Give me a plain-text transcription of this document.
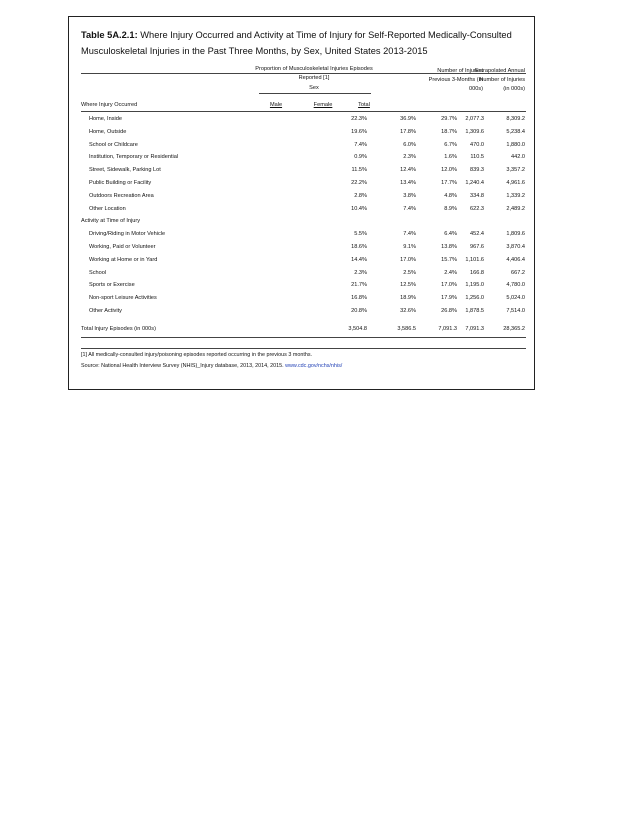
Table 5A.2.1: Where Injury Occurred and Activity at Time of Injury for Self-Reported Medically-Consulted Musculoskeletal Injuries in the Past Three Months, by Sex, United States 2013-2015
Proportion of Musculoskeletal Injuries Episodes Reported [1]
Sex
Where Injury Occurred	Male	Female	Total
Number of Injuries Previous 3-Months (in 000s)
Extrapolated Annual Number of Injuries (in 000s)
Home, Inside	22.3%	36.9%	29.7%	2,077.3	8,309.2
Home, Outside	19.6%	17.8%	18.7%	1,309.6	5,238.4
School or Childcare	7.4%	6.0%	6.7%	470.0	1,880.0
Institution, Temporary or Residential	0.9%	2.3%	1.6%	110.5	442.0
Street, Sidewalk, Parking Lot	11.5%	12.4%	12.0%	839.3	3,357.2
Public Building or Facility	22.2%	13.4%	17.7%	1,240.4	4,961.6
Outdoors Recreation Area	2.8%	3.8%	4.8%	334.8	1,339.2
Other Location	10.4%	7.4%	8.9%	622.3	2,489.2
Activity at Time of Injury
Driving/Riding in Motor Vehicle	5.5%	7.4%	6.4%	452.4	1,809.6
Working, Paid or Volunteer	18.6%	9.1%	13.8%	967.6	3,870.4
Working at Home or in Yard	14.4%	17.0%	15.7%	1,101.6	4,406.4
School	2.3%	2.5%	2.4%	166.8	667.2
Sports or Exercise	21.7%	12.5%	17.0%	1,195.0	4,780.0
Non-sport Leisure Activities	16.8%	18.9%	17.9%	1,256.0	5,024.0
Other Activity	20.8%	32.6%	26.8%	1,878.5	7,514.0
Total Injury Episodes (in 000s)	3,504.8	3,586.5	7,091.3	7,091.3	28,365.2
[1] All medically-consulted injury/poisoning episodes reported occurring in the previous 3 months.
Source: National Health Interview Survey (NHIS)_Injury database, 2013, 2014, 2015. www.cdc.gov/nchs/nhis/
